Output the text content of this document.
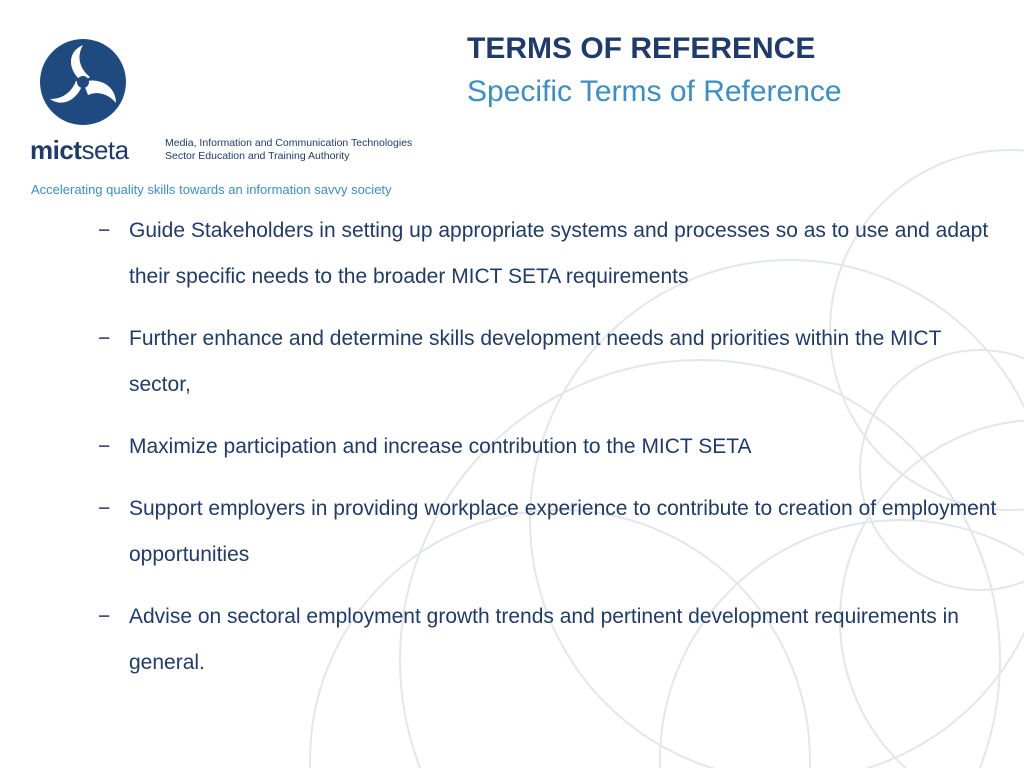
mictseta	Media, Information and Communication Technologies
Sector Education and Training Authority
Accelerating quality skills towards an information savvy society
TERMS OF REFERENCE
Specific Terms of Reference
− Guide Stakeholders in setting up appropriate systems and processes so as to use and adapt their specific needs to the broader MICT SETA requirements
− Further enhance and determine skills development needs and priorities within the MICT sector,
− Maximize participation and increase contribution to the MICT SETA
− Support employers in providing workplace experience to contribute to creation of employment opportunities
− Advise on sectoral employment growth trends and pertinent development requirements in general.
